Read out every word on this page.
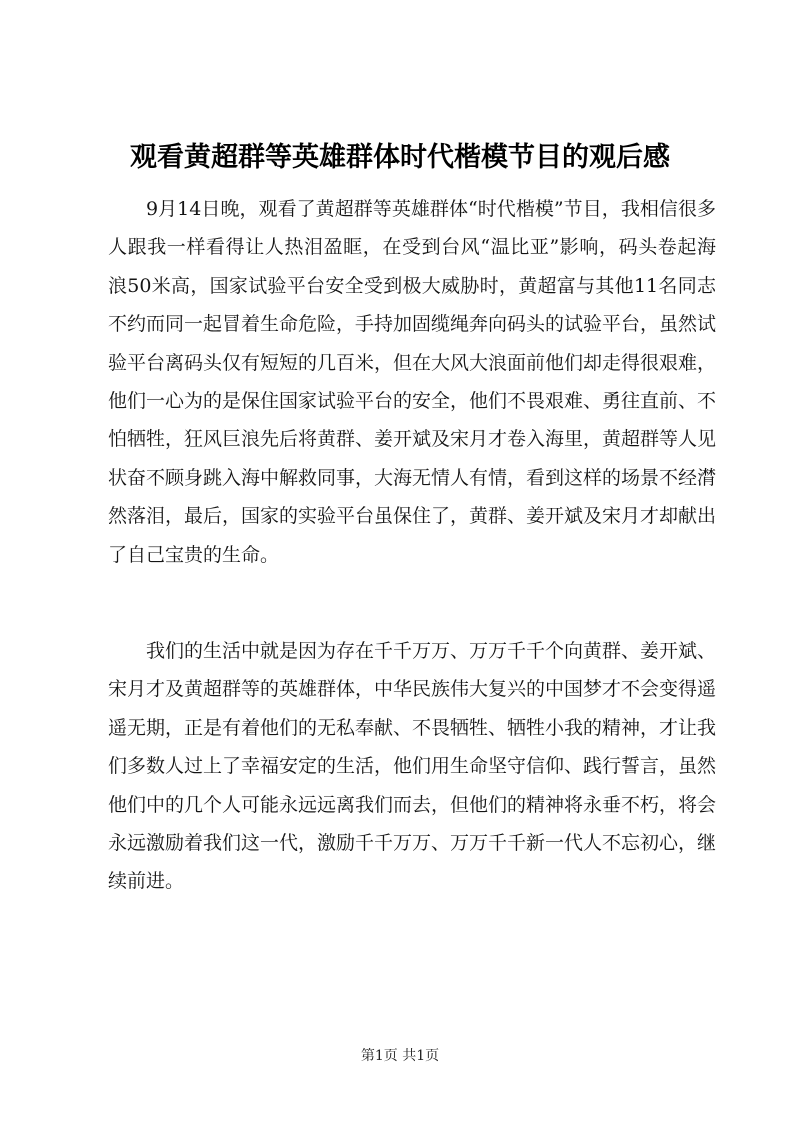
观看黄超群等英雄群体时代楷模节目的观后感

9月14日晚，观看了黄超群等英雄群体“时代楷模”节目，我相信很多人跟我一样看得让人热泪盈眶，在受到台风“温比亚”影响，码头卷起海浪50米高，国家试验平台安全受到极大威胁时，黄超富与其他11名同志不约而同一起冒着生命危险，手持加固缆绳奔向码头的试验平台，虽然试验平台离码头仅有短短的几百米，但在大风大浪面前他们却走得很艰难，他们一心为的是保住国家试验平台的安全，他们不畏艰难、勇往直前、不怕牺牲，狂风巨浪先后将黄群、姜开斌及宋月才卷入海里，黄超群等人见状奋不顾身跳入海中解救同事，大海无情人有情，看到这样的场景不经潸然落泪，最后，国家的实验平台虽保住了，黄群、姜开斌及宋月才却献出了自己宝贵的生命。

我们的生活中就是因为存在千千万万、万万千千个向黄群、姜开斌、宋月才及黄超群等的英雄群体，中华民族伟大复兴的中国梦才不会变得遥遥无期，正是有着他们的无私奉献、不畏牺牲、牺牲小我的精神，才让我们多数人过上了幸福安定的生活，他们用生命坚守信仰、践行誓言，虽然他们中的几个人可能永远远离我们而去，但他们的精神将永垂不朽，将会永远激励着我们这一代，激励千千万万、万万千千新一代人不忘初心，继续前进。

第1页 共1页
